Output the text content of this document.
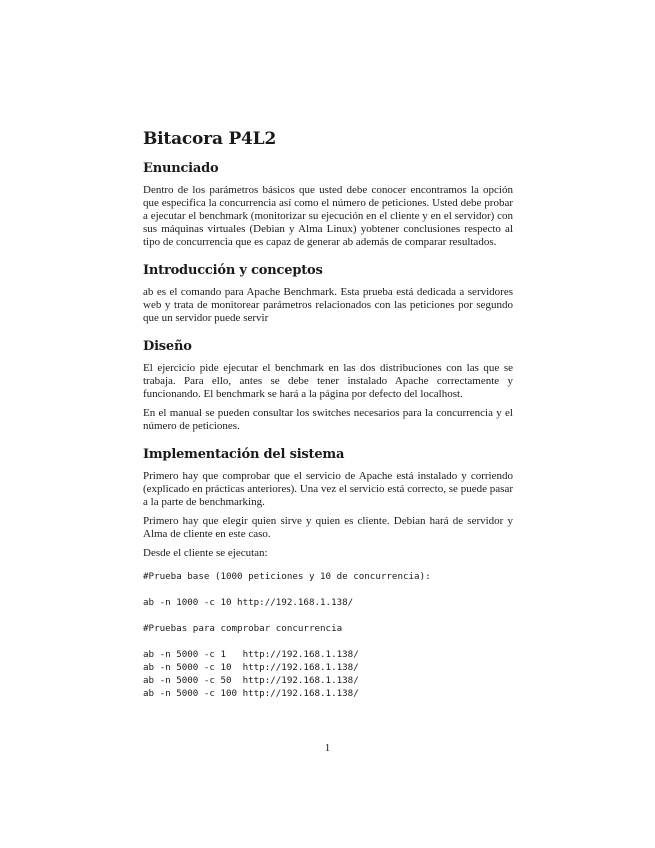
Bitacora P4L2
Enunciado

Dentro de los parámetros básicos que usted debe conocer encontramos la opción que especifica la concurrencia así como el número de peticiones. Usted debe probar a ejecutar el benchmark (monitorizar su ejecución en el cliente y en el servidor) con sus máquinas virtuales (Debian y Alma Linux) yobtener conclusiones respecto al tipo de concurrencia que es capaz de generar ab además de comparar resultados.

Introducción y conceptos

ab es el comando para Apache Benchmark. Esta prueba está dedicada a servidores web y trata de monitorear parámetros relacionados con las peticiones por segundo que un servidor puede servir

Diseño

El ejercicio pide ejecutar el benchmark en las dos distribuciones con las que se trabaja. Para ello, antes se debe tener instalado Apache correctamente y funcionando. El benchmark se hará a la página por defecto del localhost.

En el manual se pueden consultar los switches necesarios para la concurrencia y el número de peticiones.

Implementación del sistema

Primero hay que comprobar que el servicio de Apache está instalado y corriendo (explicado en prácticas anteriores). Una vez el servicio está correcto, se puede pasar a la parte de benchmarking.

Primero hay que elegir quien sirve y quien es cliente. Debian hará de servidor y Alma de cliente en este caso.

Desde el cliente se ejecutan:

#Prueba base (1000 peticiones y 10 de concurrencia):

ab -n 1000 -c 10 http://192.168.1.138/

#Pruebas para comprobar concurrencia

ab -n 5000 -c 1   http://192.168.1.138/
ab -n 5000 -c 10  http://192.168.1.138/
ab -n 5000 -c 50  http://192.168.1.138/
ab -n 5000 -c 100 http://192.168.1.138/
1
